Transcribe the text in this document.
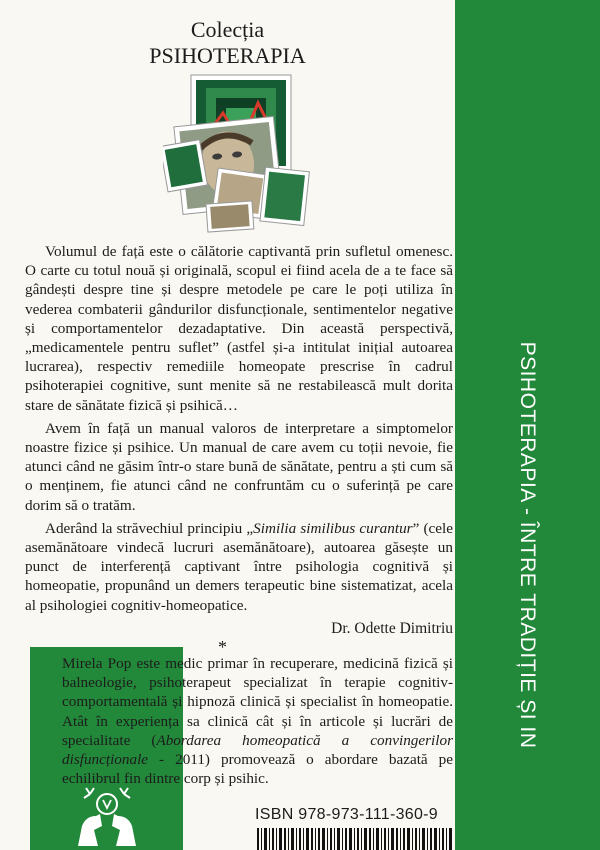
PSIHOTERAPIA - ÎNTRE TRADIȚIE ȘI IN
Colecția
PSIHOTERAPIA

Volumul de față este o călătorie captivantă prin sufletul omenesc. O carte cu totul nouă și originală, scopul ei fiind acela de a te face să gândești despre tine și despre metodele pe care le poți utiliza în vederea combaterii gândurilor disfuncționale, sentimentelor negative și comportamentelor dezadaptative. Din această perspectivă, „medicamentele pentru suflet” (astfel și-a intitulat inițial autoarea lucrarea), respectiv remediile homeopate prescrise în cadrul psihoterapiei cognitive, sunt menite să ne restabilească mult dorita stare de sănătate fizică și psihică…

Avem în față un manual valoros de interpretare a simptomelor noastre fizice și psihice. Un manual de care avem cu toții nevoie, fie atunci când ne găsim într-o stare bună de sănătate, pentru a ști cum să o menținem, fie atunci când ne confruntăm cu o suferință pe care dorim să o tratăm.

Aderând la străvechiul principiu „Similia similibus curantur” (cele asemănătoare vindecă lucruri asemănătoare), autoarea găsește un punct de interferență captivant între psihologia cognitivă și homeopatie, propunând un demers terapeutic bine sistematizat, acela al psihologiei cognitiv-homeopatice.

Dr. Odette Dimitriu
*
Mirela Pop este medic primar în recuperare, medicină fizică și balneologie, psihoterapeut specializat în terapie cognitiv-comportamentală și hipnoză clinică și specialist în homeopatie. Atât în experiența sa clinică cât și în articole și lucrări de specialitate (Abordarea homeopatică a convingerilor disfuncționale - 2011) promovează o abordare bazată pe echilibrul fin dintre corp și psihic.
ISBN 978-973-111-360-9
